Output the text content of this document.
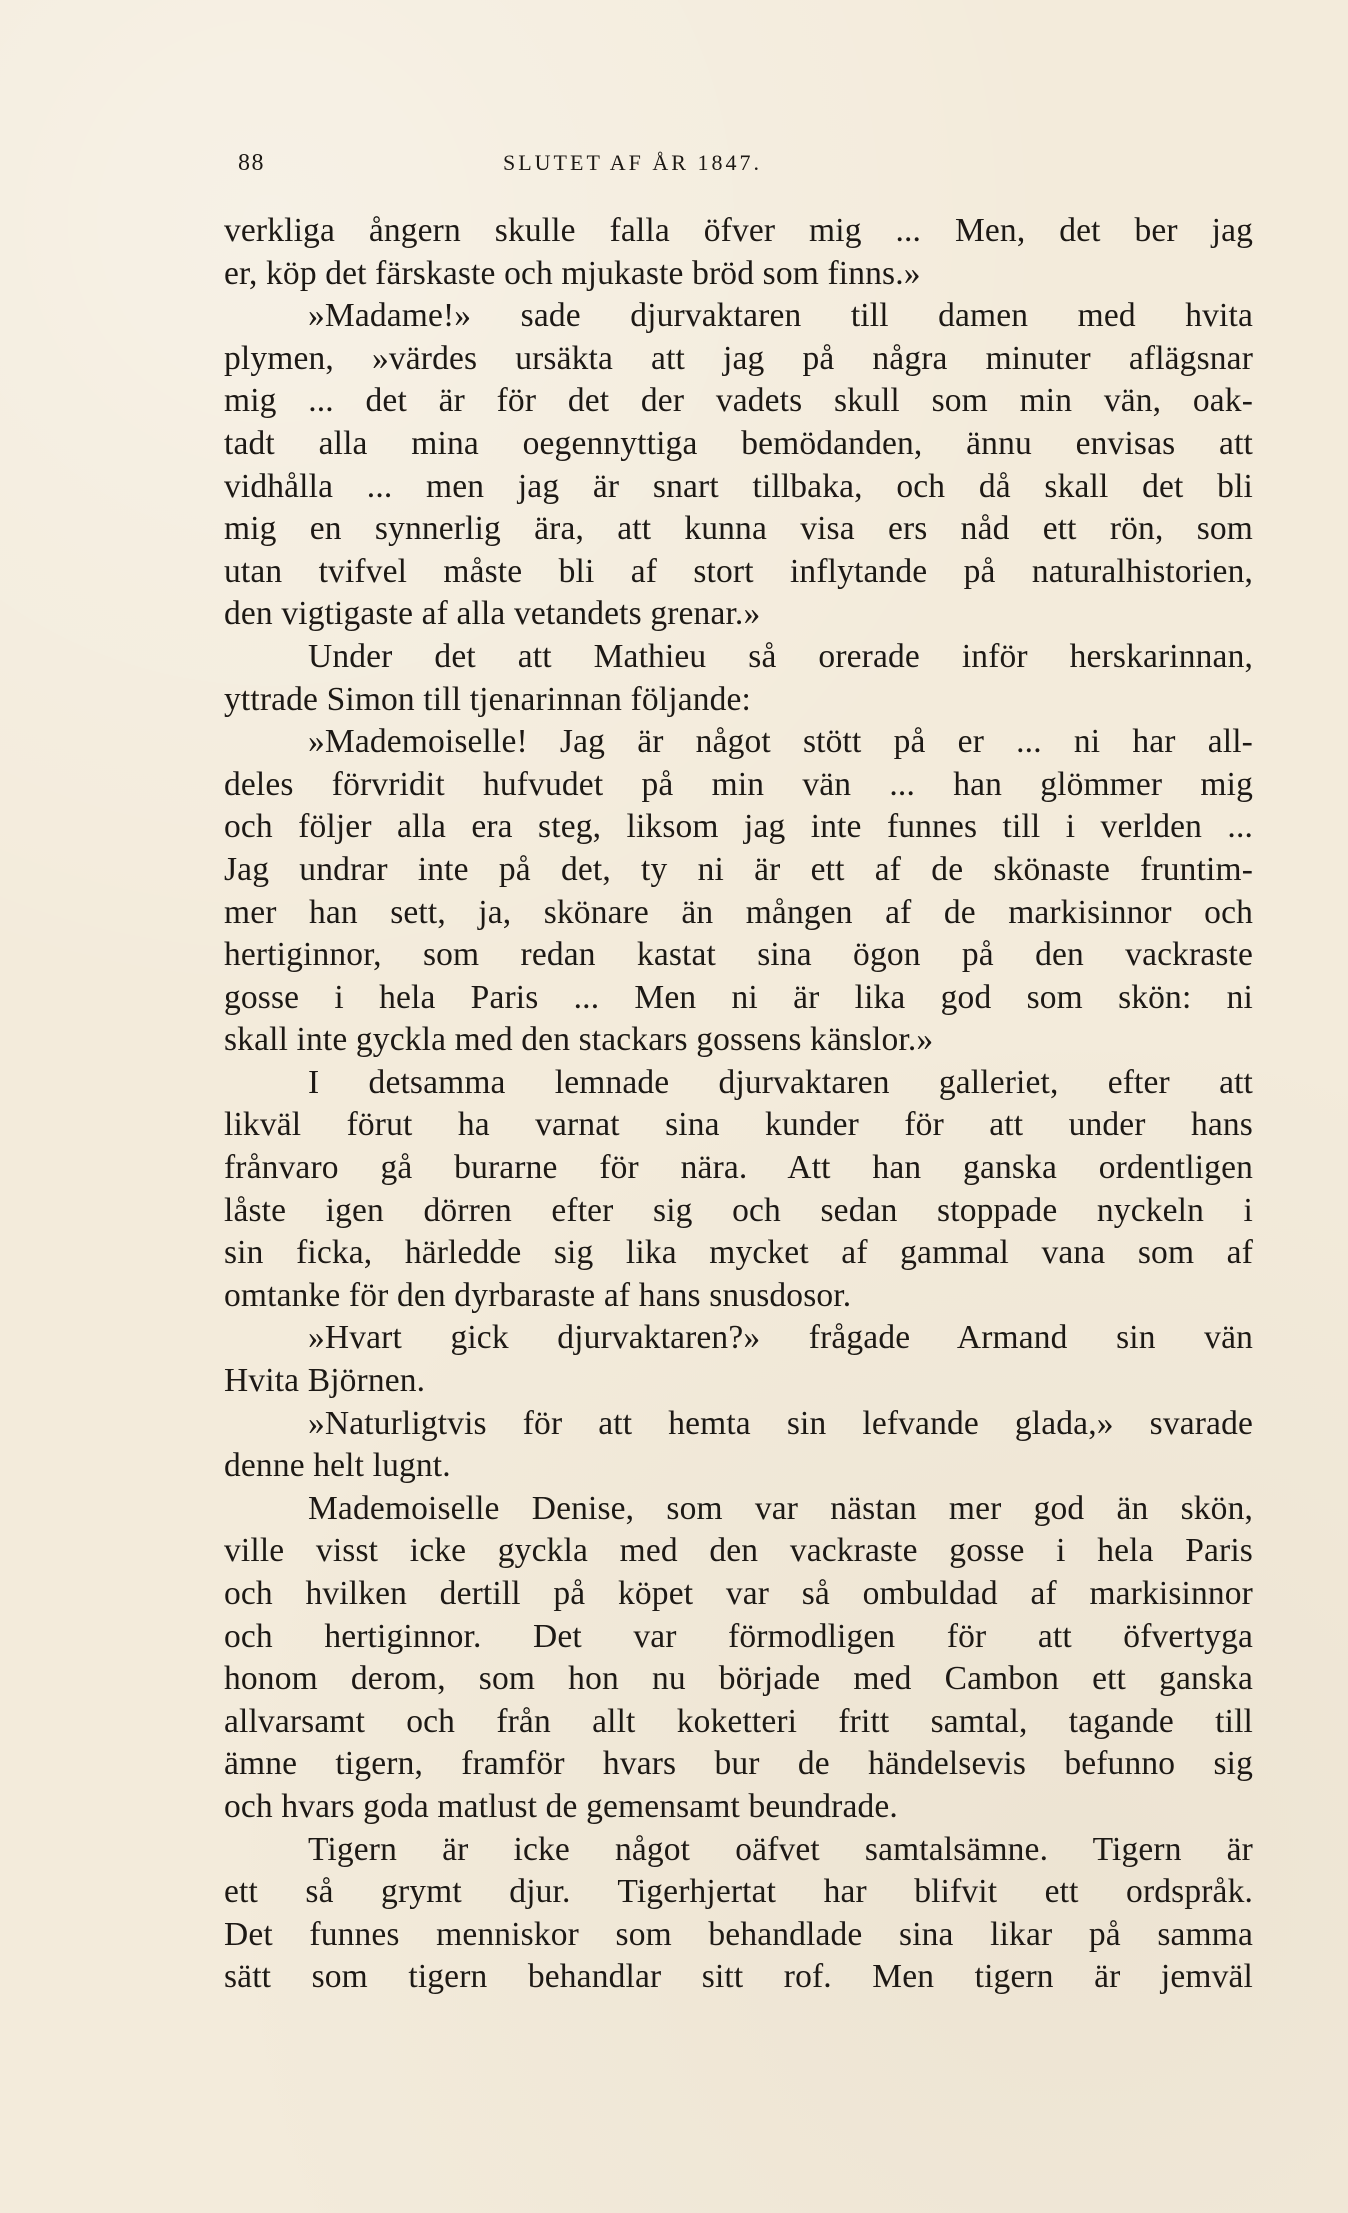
88	SLUTET AF ÅR 1847.
verkliga ångern skulle falla öfver mig ... Men, det ber jag
er, köp det färskaste och mjukaste bröd som finns.»
»Madame!» sade djurvaktaren till damen med hvita
plymen, »värdes ursäkta att jag på några minuter aflägsnar
mig ... det är för det der vadets skull som min vän, oak-
tadt alla mina oegennyttiga bemödanden, ännu envisas att
vidhålla ... men jag är snart tillbaka, och då skall det bli
mig en synnerlig ära, att kunna visa ers nåd ett rön, som
utan tvifvel måste bli af stort inflytande på naturalhistorien,
den vigtigaste af alla vetandets grenar.»
Under det att Mathieu så orerade inför herskarinnan,
yttrade Simon till tjenarinnan följande:
»Mademoiselle! Jag är något stött på er ... ni har all-
deles förvridit hufvudet på min vän ... han glömmer mig
och följer alla era steg, liksom jag inte funnes till i verlden ...
Jag undrar inte på det, ty ni är ett af de skönaste fruntim-
mer han sett, ja, skönare än mången af de markisinnor och
hertiginnor, som redan kastat sina ögon på den vackraste
gosse i hela Paris ... Men ni är lika god som skön: ni
skall inte gyckla med den stackars gossens känslor.»
I detsamma lemnade djurvaktaren galleriet, efter att
likväl förut ha varnat sina kunder för att under hans
frånvaro gå burarne för nära. Att han ganska ordentligen
låste igen dörren efter sig och sedan stoppade nyckeln i
sin ficka, härledde sig lika mycket af gammal vana som af
omtanke för den dyrbaraste af hans snusdosor.
»Hvart gick djurvaktaren?» frågade Armand sin vän
Hvita Björnen.
»Naturligtvis för att hemta sin lefvande glada,» svarade
denne helt lugnt.
Mademoiselle Denise, som var nästan mer god än skön,
ville visst icke gyckla med den vackraste gosse i hela Paris
och hvilken dertill på köpet var så ombuldad af markisinnor
och hertiginnor. Det var förmodligen för att öfvertyga
honom derom, som hon nu började med Cambon ett ganska
allvarsamt och från allt koketteri fritt samtal, tagande till
ämne tigern, framför hvars bur de händelsevis befunno sig
och hvars goda matlust de gemensamt beundrade.
Tigern är icke något oäfvet samtalsämne. Tigern är
ett så grymt djur. Tigerhjertat har blifvit ett ordspråk.
Det funnes menniskor som behandlade sina likar på samma
sätt som tigern behandlar sitt rof. Men tigern är jemväl
